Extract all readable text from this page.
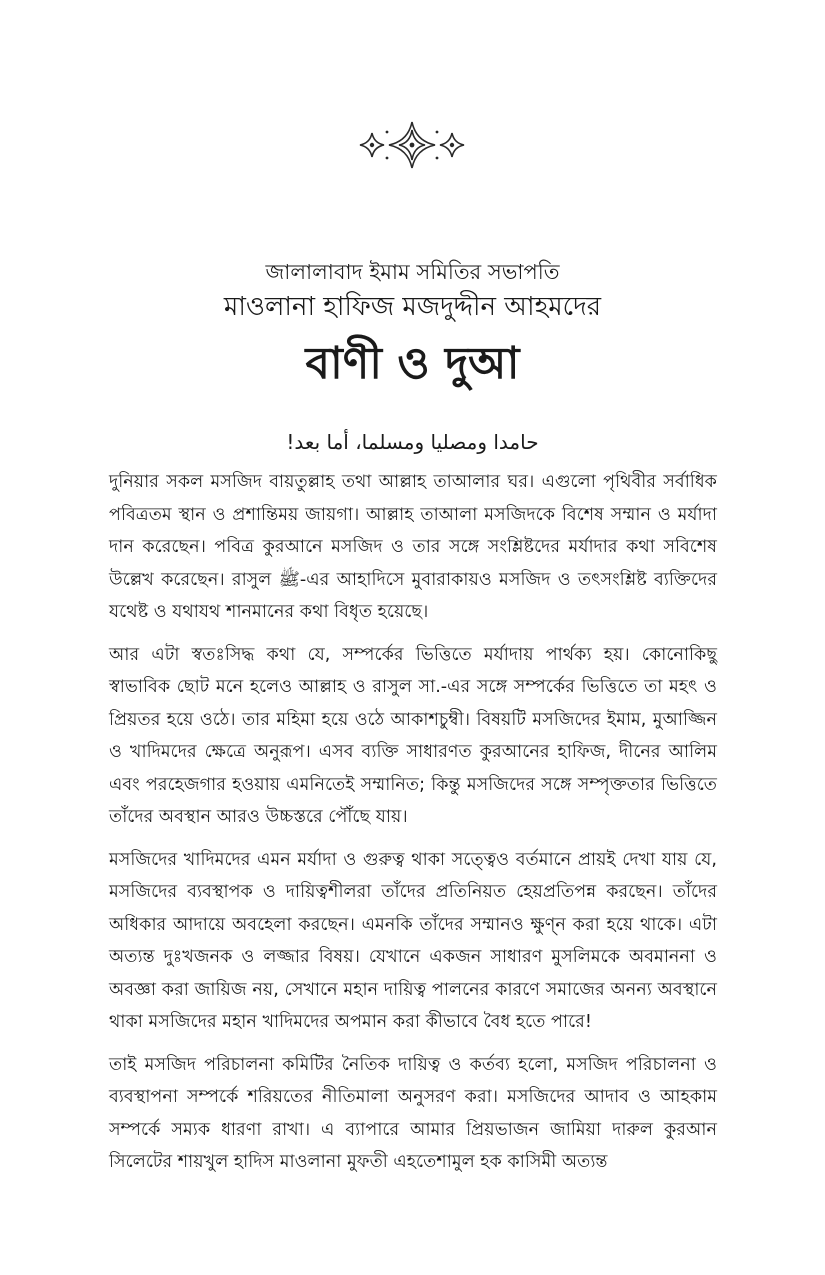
জালালাবাদ ইমাম সমিতির সভাপতি

মাওলানা হাফিজ মজদুদ্দীন আহমদের

বাণী ও দুআ

حامدا ومصليا ومسلما، أما بعد!

দুনিয়ার সকল মসজিদ বায়তুল্লাহ তথা আল্লাহ তাআলার ঘর। এগুলো পৃথিবীর সর্বাধিক পবিত্রতম স্থান ও প্রশান্তিময় জায়গা। আল্লাহ তাআলা মসজিদকে বিশেষ সম্মান ও মর্যাদা দান করেছেন। পবিত্র কুরআনে মসজিদ ও তার সঙ্গে সংশ্লিষ্টদের মর্যাদার কথা সবিশেষ উল্লেখ করেছেন। রাসুল ﷺ-এর আহাদিসে মুবারাকায়ও মসজিদ ও তৎসংশ্লিষ্ট ব্যক্তিদের যথেষ্ট ও যথাযথ শানমানের কথা বিধৃত হয়েছে।

আর এটা স্বতঃসিদ্ধ কথা যে, সম্পর্কের ভিত্তিতে মর্যাদায় পার্থক্য হয়। কোনোকিছু স্বাভাবিক ছোট মনে হলেও আল্লাহ ও রাসুল সা.-এর সঙ্গে সম্পর্কের ভিত্তিতে তা মহৎ ও প্রিয়তর হয়ে ওঠে। তার মহিমা হয়ে ওঠে আকাশচুম্বী। বিষয়টি মসজিদের ইমাম, মুআজ্জিন ও খাদিমদের ক্ষেত্রে অনুরূপ। এসব ব্যক্তি সাধারণত কুরআনের হাফিজ, দীনের আলিম এবং পরহেজগার হওয়ায় এমনিতেই সম্মানিত; কিন্তু মসজিদের সঙ্গে সম্পৃক্ততার ভিত্তিতে তাঁদের অবস্থান আরও উচ্চস্তরে পৌঁছে যায়।

মসজিদের খাদিমদের এমন মর্যাদা ও গুরুত্ব থাকা সত্ত্বেও বর্তমানে প্রায়ই দেখা যায় যে, মসজিদের ব্যবস্থাপক ও দায়িত্বশীলরা তাঁদের প্রতিনিয়ত হেয়প্রতিপন্ন করছেন। তাঁদের অধিকার আদায়ে অবহেলা করছেন। এমনকি তাঁদের সম্মানও ক্ষুণ্ন করা হয়ে থাকে। এটা অত্যন্ত দুঃখজনক ও লজ্জার বিষয়। যেখানে একজন সাধারণ মুসলিমকে অবমাননা ও অবজ্ঞা করা জায়িজ নয়, সেখানে মহান দায়িত্ব পালনের কারণে সমাজের অনন্য অবস্থানে থাকা মসজিদের মহান খাদিমদের অপমান করা কীভাবে বৈধ হতে পারে!

তাই মসজিদ পরিচালনা কমিটির নৈতিক দায়িত্ব ও কর্তব্য হলো, মসজিদ পরিচালনা ও ব্যবস্থাপনা সম্পর্কে শরিয়তের নীতিমালা অনুসরণ করা। মসজিদের আদাব ও আহকাম সম্পর্কে সম্যক ধারণা রাখা। এ ব্যাপারে আমার প্রিয়ভাজন জামিয়া দারুল কুরআন সিলেটের শায়খুল হাদিস মাওলানা মুফতী এহতেশামুল হক কাসিমী অত্যন্ত
